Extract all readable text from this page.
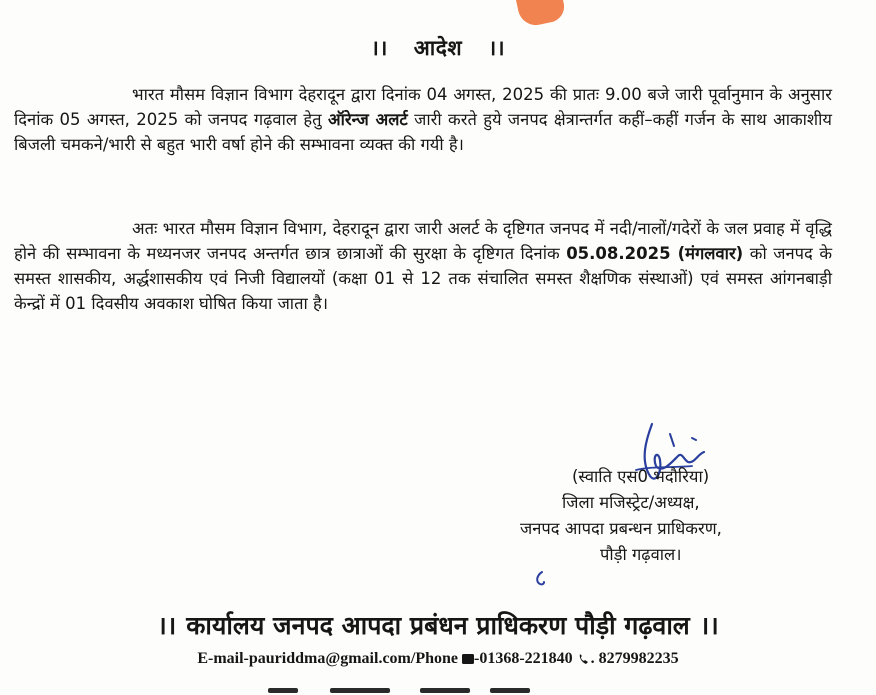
।। आदेश ।।
भारत मौसम विज्ञान विभाग देहरादून द्वारा दिनांक 04 अगस्त, 2025 की प्रातः 9.00 बजे जारी पूर्वानुमान के अनुसार दिनांक 05 अगस्त, 2025 को जनपद गढ़वाल हेतु ऑरेन्ज अलर्ट जारी करते हुये जनपद क्षेत्रान्तर्गत कहीं–कहीं गर्जन के साथ आकाशीय बिजली चमकने/भारी से बहुत भारी वर्षा होने की सम्भावना व्यक्त की गयी है।
अतः भारत मौसम विज्ञान विभाग, देहरादून द्वारा जारी अलर्ट के दृष्टिगत जनपद में नदी/नालों/गदेरों के जल प्रवाह में वृद्धि होने की सम्भावना के मध्यनजर जनपद अन्तर्गत छात्र छात्राओं की सुरक्षा के दृष्टिगत दिनांक 05.08.2025 (मंगलवार) को जनपद के समस्त शासकीय, अर्द्धशासकीय एवं निजी विद्यालयों (कक्षा 01 से 12 तक संचालित समस्त शैक्षणिक संस्थाओं) एवं समस्त आंगनबाड़ी केन्द्रों में 01 दिवसीय अवकाश घोषित किया जाता है।
(स्वाति एस0 भदौरिया)
जिला मजिस्ट्रेट/अध्यक्ष,
जनपद आपदा प्रबन्धन प्राधिकरण,
पौड़ी गढ़वाल।
।। कार्यालय जनपद आपदा प्रबंधन प्राधिकरण पौड़ी गढ़वाल ।।
E-mail-pauriddma@gmail.com/Phone -01368-221840 . 8279982235
